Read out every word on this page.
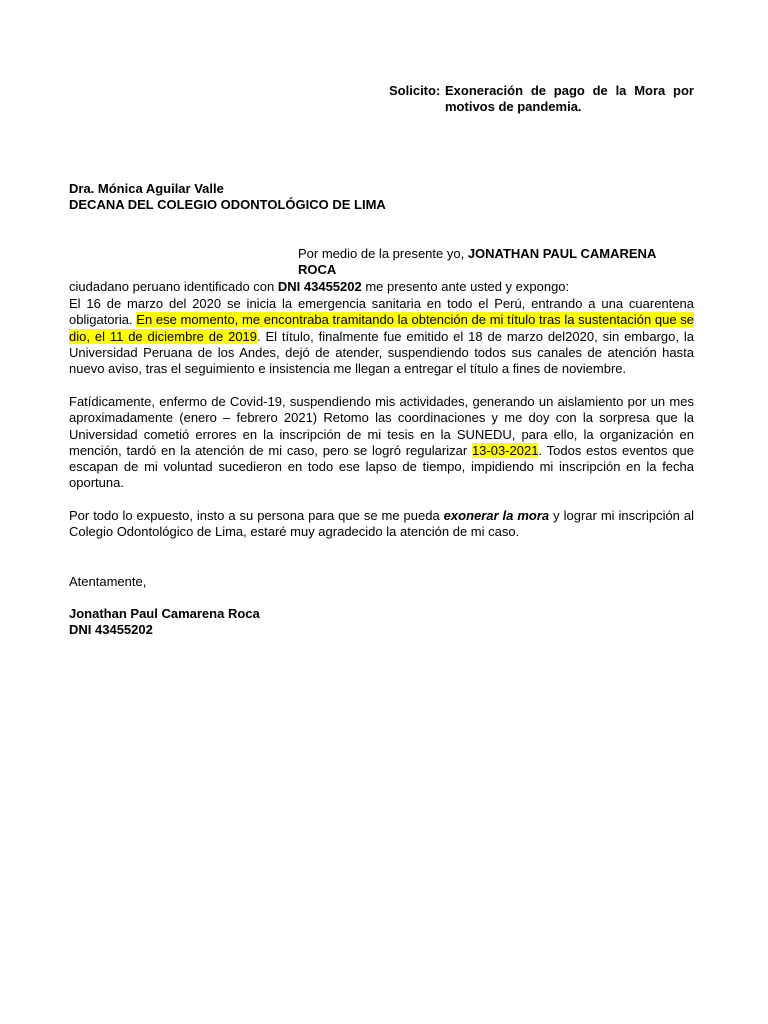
Solicito: Exoneración de pago de la Mora por motivos de pandemia.
Dra. Mónica Aguilar Valle
DECANA DEL COLEGIO ODONTOLÓGICO DE LIMA
Por medio de la presente yo, JONATHAN PAUL CAMARENA ROCA
ciudadano peruano identificado con DNI 43455202 me presento ante usted y expongo:
El 16 de marzo del 2020 se inicia la emergencia sanitaria en todo el Perú, entrando a una cuarentena obligatoria. En ese momento, me encontraba tramitando la obtención de mi título tras la sustentación que se dio, el 11 de diciembre de 2019. El título, finalmente fue emitido el 18 de marzo del2020, sin embargo, la Universidad Peruana de los Andes, dejó de atender, suspendiendo todos sus canales de atención hasta nuevo aviso, tras el seguimiento e insistencia me llegan a entregar el título a fines de noviembre.
Fatídicamente, enfermo de Covid-19, suspendiendo mis actividades, generando un aislamiento por un mes aproximadamente (enero – febrero 2021) Retomo las coordinaciones y me doy con la sorpresa que la Universidad cometió errores en la inscripción de mi tesis en la SUNEDU, para ello, la organización en mención, tardó en la atención de mi caso, pero se logró regularizar 13-03-2021. Todos estos eventos que escapan de mi voluntad sucedieron en todo ese lapso de tiempo, impidiendo mi inscripción en la fecha oportuna.
Por todo lo expuesto, insto a su persona para que se me pueda exonerar la mora y lograr mi inscripción al Colegio Odontológico de Lima, estaré muy agradecido la atención de mi caso.
Atentamente,
Jonathan Paul Camarena Roca
DNI 43455202
